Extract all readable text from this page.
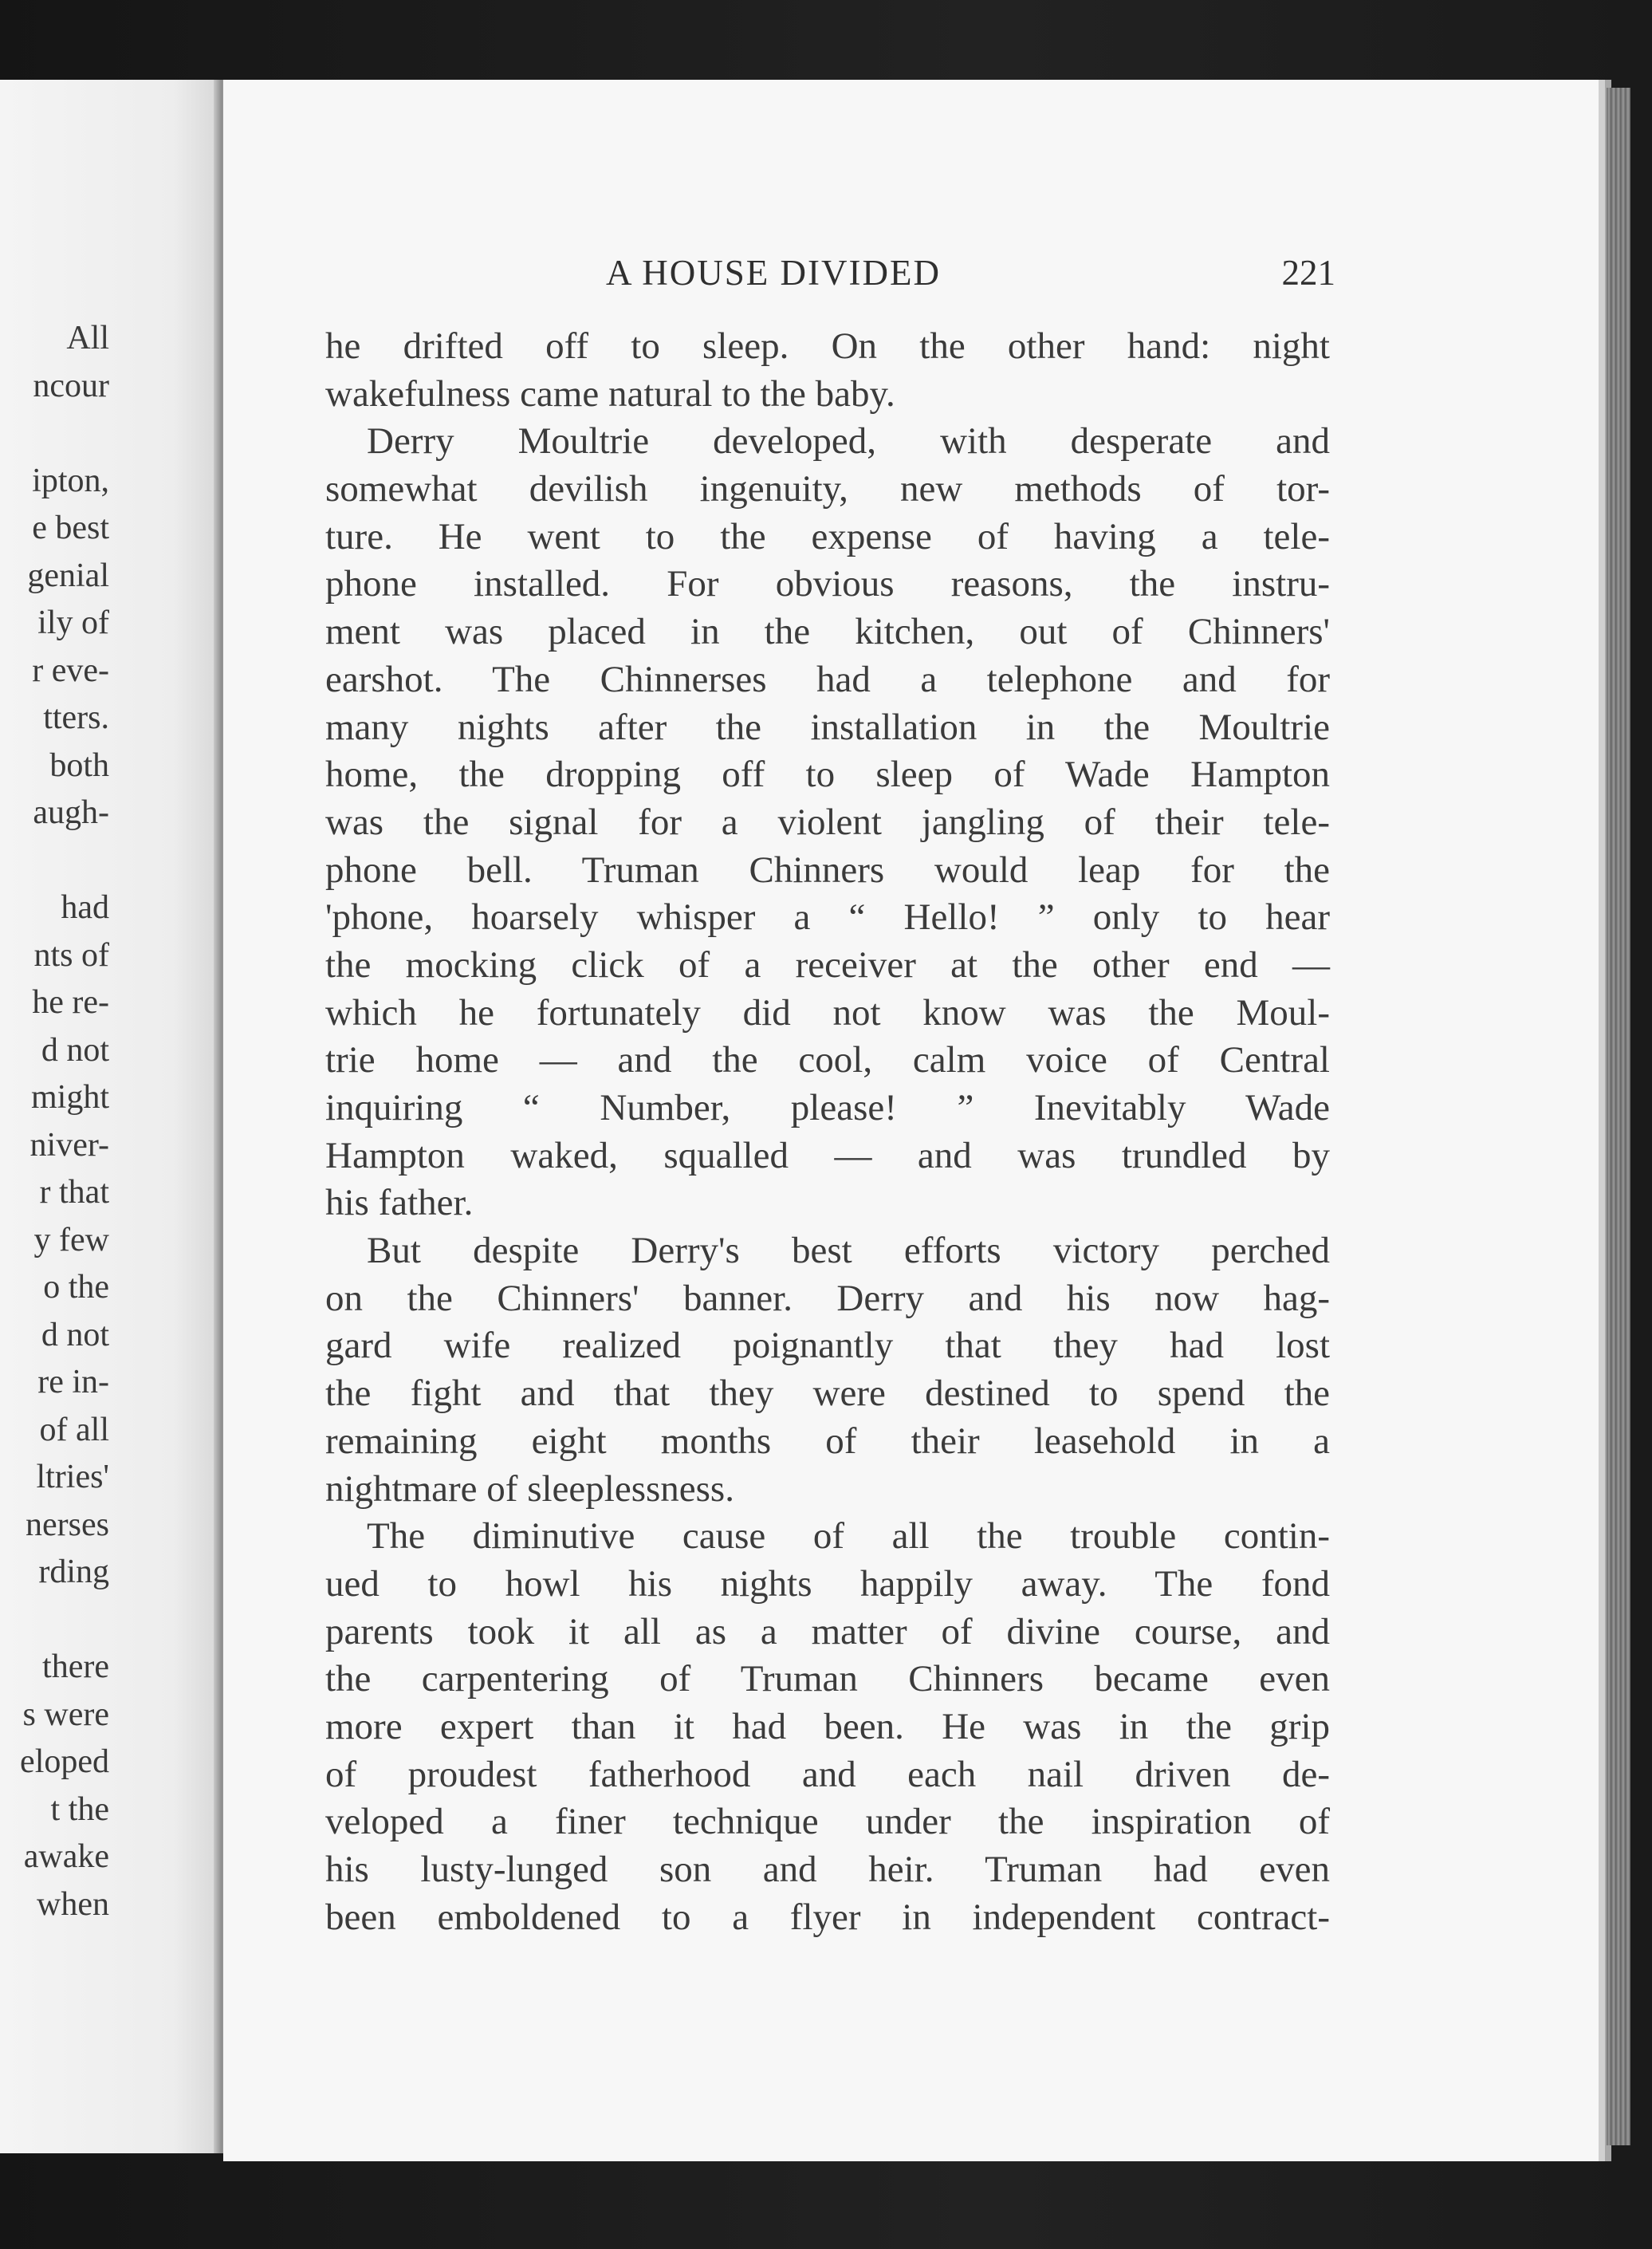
All
ncour
ipton,
e best
genial
ily of
r eve-
tters.
both
augh-
had
nts of
he re-
d not
might
niver-
r that
y few
o the
d not
re in-
of all
ltries'
nerses
rding
there
s were
eloped
t the
awake
when
A HOUSE DIVIDED	221
he drifted off to sleep. On the other hand: night
wakefulness came natural to the baby.
Derry Moultrie developed, with desperate and
somewhat devilish ingenuity, new methods of tor-
ture. He went to the expense of having a tele-
phone installed. For obvious reasons, the instru-
ment was placed in the kitchen, out of Chinners'
earshot. The Chinnerses had a telephone and for
many nights after the installation in the Moultrie
home, the dropping off to sleep of Wade Hampton
was the signal for a violent jangling of their tele-
phone bell. Truman Chinners would leap for the
'phone, hoarsely whisper a “ Hello! ” only to hear
the mocking click of a receiver at the other end —
which he fortunately did not know was the Moul-
trie home — and the cool, calm voice of Central
inquiring “ Number, please! ” Inevitably Wade
Hampton waked, squalled — and was trundled by
his father.
But despite Derry's best efforts victory perched
on the Chinners' banner. Derry and his now hag-
gard wife realized poignantly that they had lost
the fight and that they were destined to spend the
remaining eight months of their leasehold in a
nightmare of sleeplessness.
The diminutive cause of all the trouble contin-
ued to howl his nights happily away. The fond
parents took it all as a matter of divine course, and
the carpentering of Truman Chinners became even
more expert than it had been. He was in the grip
of proudest fatherhood and each nail driven de-
veloped a finer technique under the inspiration of
his lusty-lunged son and heir. Truman had even
been emboldened to a flyer in independent contract-
